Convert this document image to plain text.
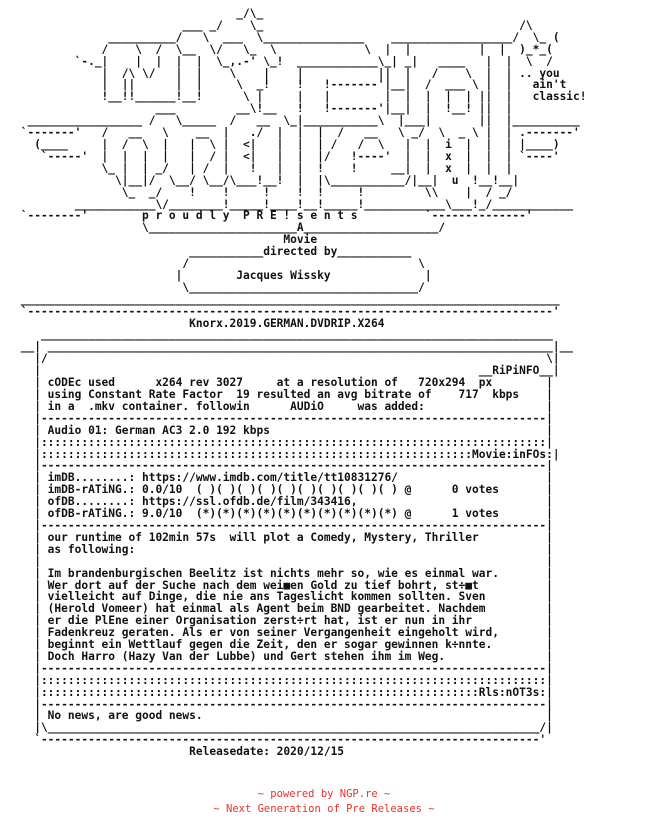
_/\_
___ _/    \_                                      /\
__________/   \  ___  \_______________    __________________/  \_ (
/    \  /  \__  \/   \_  \             \  |  |          |  |  )_*_(
`-._|    |  |  |  |  \_,.-' \_!  ____________\_| _|   ____   |  |  \  /
|  /\ \/   |  |    \    |    |           ||  |   /    \  |  | .. you
|  ||      |  |     \  _!    !   !-------'|__|  /  ___ \ |  |   ain't
!__!!______!__!      \ |     |   |        |  |  |  |  | ||  |   classic!
___         __\!__   !   !-------'|__|  |  !__! ||  |
_________________ /   \_____  /   __  \_|___________\  |___|       ||  |__________
`-------'   /   __   \    __  |   ./  |  |  |  /   __   \ _/  \  _ \ |  | .-------'
(____     |  /  \  |   |  \ |  <|   |  |  | /   /  \   |  |  i  |  |  | |____)
`-----'  |  |  |  |   |  / |  <|   |  |  |/   !----'  |  |  x  |  |  | `----'
\_ |  | _/   | /  |   !   |  |  !    !     __|  |  x  |  |  |
\|__|/  \__/ \__/\___!__!  |  |\___________/|__|  u  !__!__|
\_  _/    !    !     !    !  !     !         \\    |  / _/
____________\/________!_____!____!__!_____!____________\___!_/____________
`--------'        p r o u d l y  P R E ! s e n t s          `--------------'
\______________________A____________________/
Movie
___________directed by___________
/                                  \
|        Jacques Wissky              |
\__________________________________/
________________________________________________________________________________
`------------------------------------------------------------------------------'
Knorx.2019.GERMAN.DVDRIP.X264
____________________________________________________________________________
__| ___________________________________________________________________________|__
|/                                                                          \|
|                                                                 __RiPiNFO__|
| cODEc used      x264 rev 3027     at a resolution of   720x294  px        |
| using Constant Rate Factor  19 resulted an avg bitrate of    717  kbps    |
| in a  .mkv container. followin      AUDiO     was added:                  |
|---------------------------------------------------------------------------|
| Audio 01: German AC3 2.0 192 kbps                                         |
|:::::::::::::::::::::::::::::::::::::::::::::::::::::::::::::::::::::::::::|
|::::::::::::::::::::::::::::::::::::::::::::::::::::::::::::::::Movie:inFOs:|
|---------------------------------------------------------------------------|
| imDB........: https://www.imdb.com/title/tt10831276/                      |
| imDB-rATiNG.: 0.0/10  ( )( )( )( )( )( )( )( )( )( ) @      0 votes       |
| ofDB........: https://ssl.ofdb.de/film/343416,                            |
| ofDB-rATiNG.: 9.0/10  (*)(*)(*)(*)(*)(*)(*)(*)(*)(*) @      1 votes       |
|---------------------------------------------------------------------------|
| our runtime of 102min 57s  will plot a Comedy, Mystery, Thriller          |
| as following:                                                             |
|                                                                           |
| Im brandenburgischen Beelitz ist nichts mehr so, wie es einmal war.       |
| Wer dort auf der Suche nach dem wei■en Gold zu tief bohrt, st÷■t          |
| vielleicht auf Dinge, die nie ans Tageslicht kommen sollten. Sven         |
| (Herold Vomeer) hat einmal als Agent beim BND gearbeitet. Nachdem         |
| er die PlEne einer Organisation zerst÷rt hat, ist er nun in ihr           |
| Fadenkreuz geraten. Als er von seiner Vergangenheit eingeholt wird,       |
| beginnt ein Wettlauf gegen die Zeit, den er sogar gewinnen k÷nnte.        |
| Doch Harro (Hazy Van der Lubbe) und Gert stehen ihm im Weg.               |
|---------------------------------------------------------------------------|
|:::::::::::::::::::::::::::::::::::::::::::::::::::::::::::::::::::::::::::|
|:::::::::::::::::::::::::::::::::::::::::::::::::::::::::::::::::Rls:nOT3s:|
|---------------------------------------------------------------------------|
| No news, are good news.                                                   |
|\_________________________________________________________________________/|
`--------------------------------------------------------------------------'
Releasedate: 2020/12/15
~ powered by NGP.re ~
~ Next Generation of Pre Releases ~
